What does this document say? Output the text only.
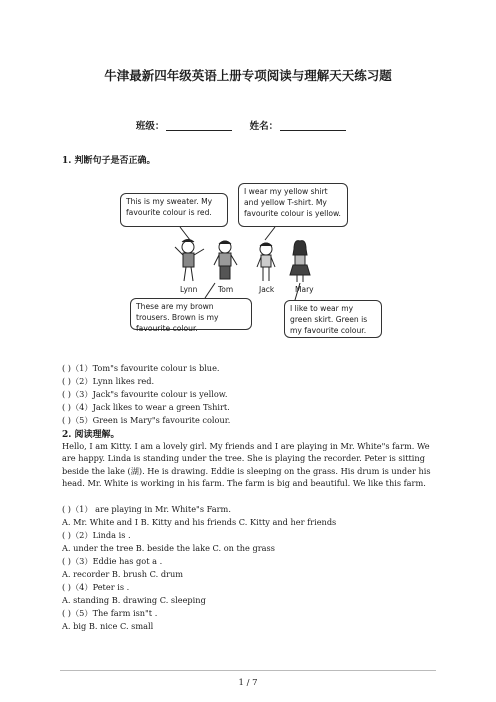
牛津最新四年级英语上册专项阅读与理解天天练习题
班级：	姓名：
1. 判断句子是否正确。
This is my sweater. My favourite colour is red.
I wear my yellow shirt and yellow T-shirt. My favourite colour is yellow.
These are my brown trousers. Brown is my favourite colour.
I like to wear my green skirt. Green is my favourite colour.
Lynn	Tom	Jack	Mary
( )（1）Tom"s favourite colour is blue.
( )（2）Lynn likes red.
( )（3）Jack"s favourite colour is yellow.
( )（4）Jack likes to wear a green Tshirt.
( )（5）Green is Mary"s favourite colour.
2. 阅读理解。
Hello, I am Kitty. I am a lovely girl. My friends and I are playing in Mr. White"s farm. We are happy. Linda is standing under the tree. She is playing the recorder. Peter is sitting beside the lake (湖). He is drawing. Eddie is sleeping on the grass. His drum is under his head. Mr. White is working in his farm. The farm is big and beautiful. We like this farm.
( )（1） are playing in Mr. White"s Farm.
A. Mr. White and I B. Kitty and his friends C. Kitty and her friends
( )（2）Linda is .
A. under the tree B. beside the lake C. on the grass
( )（3）Eddie has got a .
A. recorder B. brush C. drum
( )（4）Peter is .
A. standing B. drawing C. sleeping
( )（5）The farm isn"t .
A. big B. nice C. small
1 / 7
